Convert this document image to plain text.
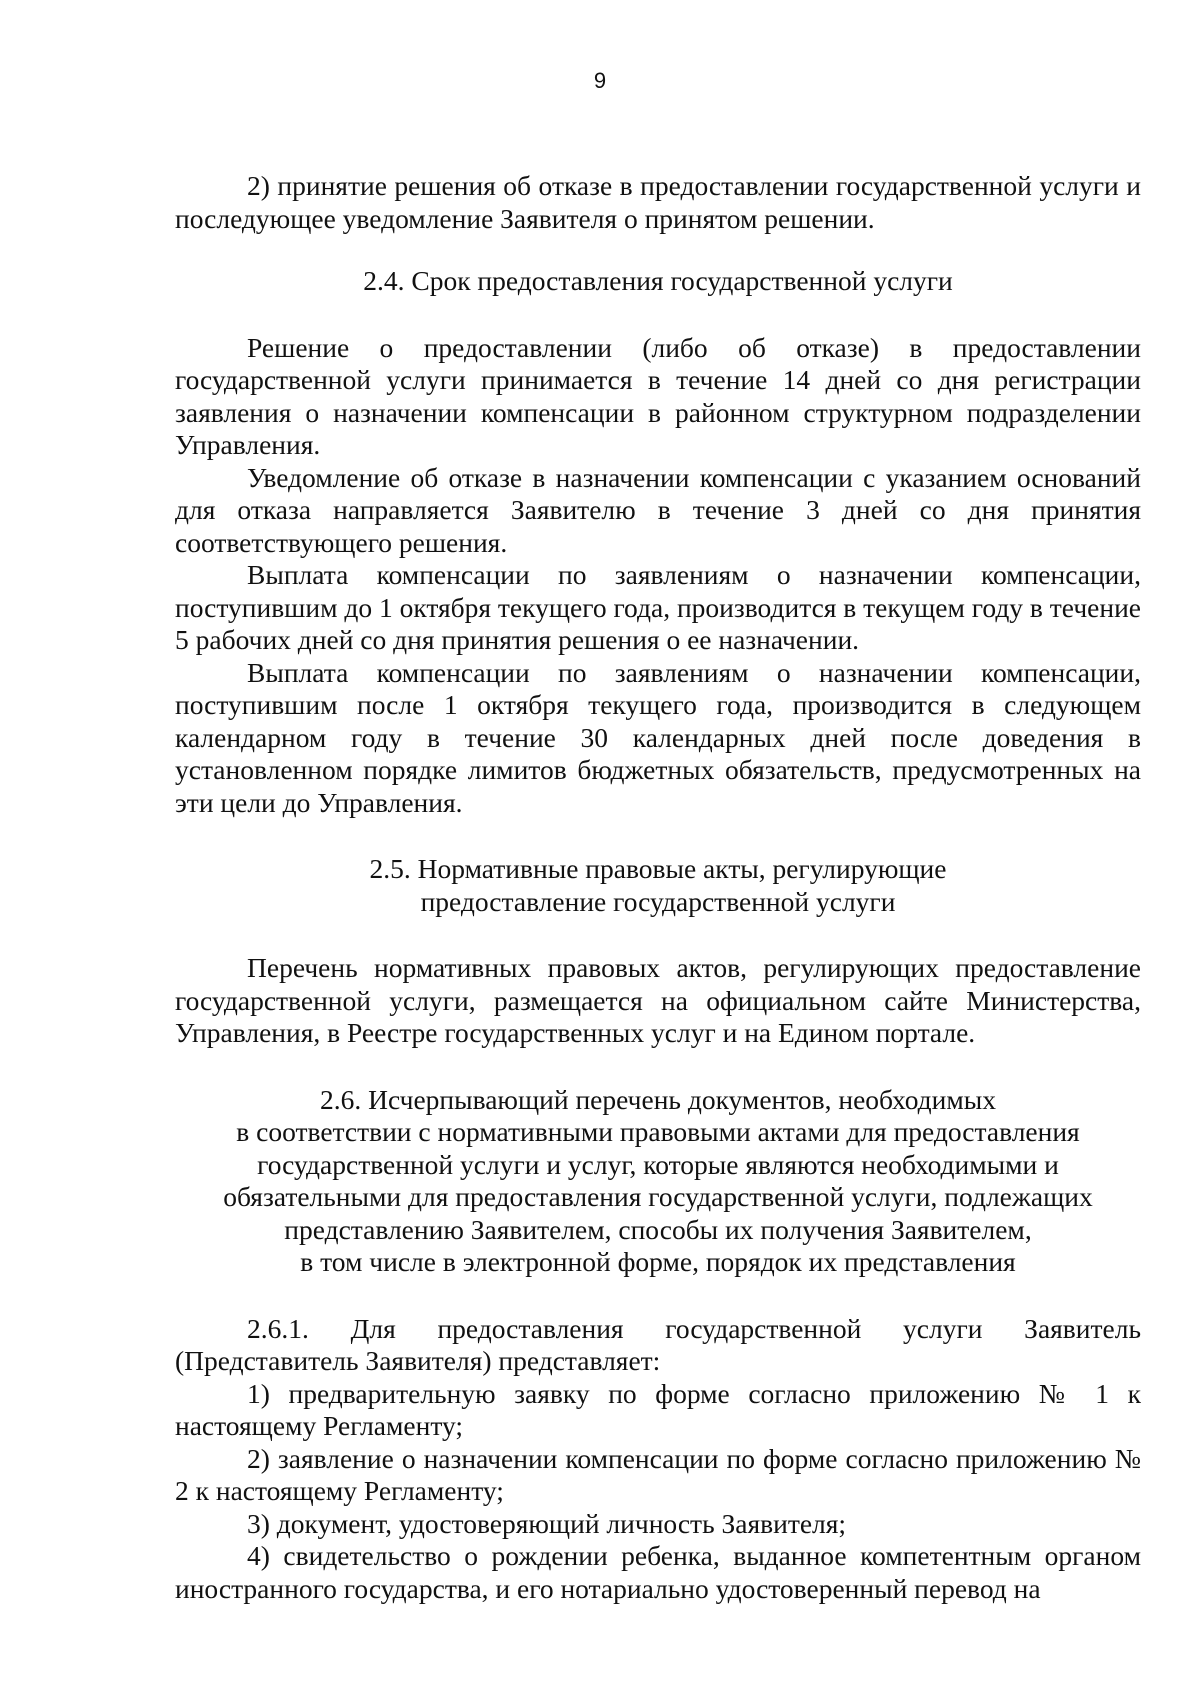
9

2) принятие решения об отказе в предоставлении государственной услуги и последующее уведомление Заявителя о принятом решении.

2.4. Срок предоставления государственной услуги

Решение о предоставлении (либо об отказе) в предоставлении государственной услуги принимается в течение 14 дней со дня регистрации заявления о назначении компенсации в районном структурном подразделении Управления.

Уведомление об отказе в назначении компенсации с указанием оснований для отказа направляется Заявителю в течение 3 дней со дня принятия соответствующего решения.

Выплата компенсации по заявлениям о назначении компенсации, поступившим до 1 октября текущего года, производится в текущем году в течение 5 рабочих дней со дня принятия решения о ее назначении.

Выплата компенсации по заявлениям о назначении компенсации, поступившим после 1 октября текущего года, производится в следующем календарном году в течение 30 календарных дней после доведения в установленном порядке лимитов бюджетных обязательств, предусмотренных на эти цели до Управления.

2.5. Нормативные правовые акты, регулирующие
предоставление государственной услуги

Перечень нормативных правовых актов, регулирующих предоставление государственной услуги, размещается на официальном сайте Министерства, Управления, в Реестре государственных услуг и на Едином портале.

2.6. Исчерпывающий перечень документов, необходимых
в соответствии с нормативными правовыми актами для предоставления
государственной услуги и услуг, которые являются необходимыми и
обязательными для предоставления государственной услуги, подлежащих
представлению Заявителем, способы их получения Заявителем,
в том числе в электронной форме, порядок их представления

2.6.1. Для предоставления государственной услуги Заявитель (Представитель Заявителя) представляет:

1) предварительную заявку по форме согласно приложению № 1 к настоящему Регламенту;

2) заявление о назначении компенсации по форме согласно приложению № 2 к настоящему Регламенту;

3) документ, удостоверяющий личность Заявителя;

4) свидетельство о рождении ребенка, выданное компетентным органом иностранного государства, и его нотариально удостоверенный перевод на
